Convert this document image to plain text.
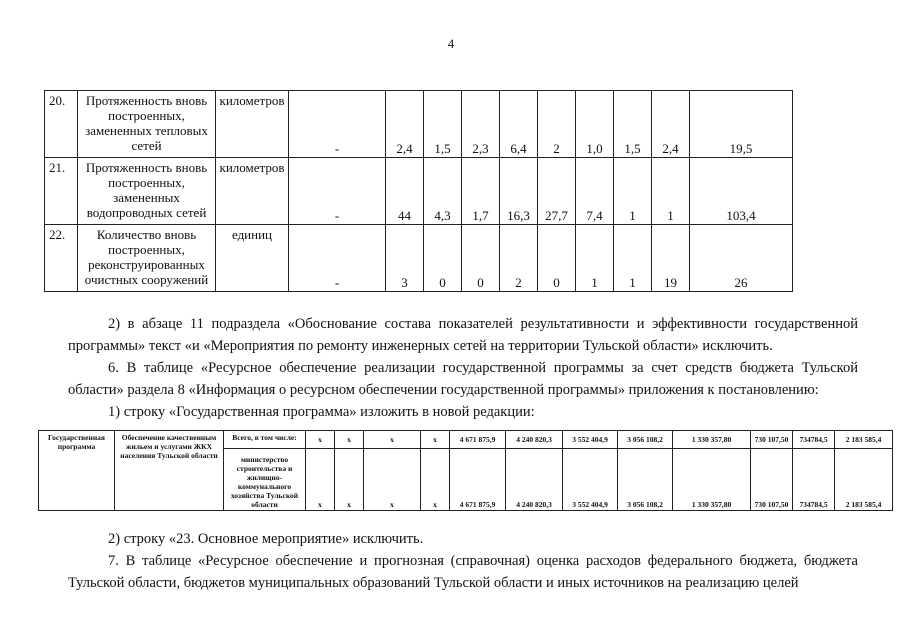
4
20.	Протяженность вновь построенных, замененных тепловых сетей	километров	-	2,4	1,5	2,3	6,4	2	1,0	1,5	2,4	19,5
21.	Протяженность вновь построенных, замененных водопроводных сетей	километров	-	44	4,3	1,7	16,3	27,7	7,4	1	1	103,4
22.	Количество вновь построенных, реконструированных очистных сооружений	единиц	-	3	0	0	2	0	1	1	19	26
2) в абзаце 11 подраздела «Обоснование состава показателей результативности и эффективности государственной программы» текст «и «Мероприятия по ремонту инженерных сетей на территории Тульской области» исключить.
6. В таблице «Ресурсное обеспечение реализации государственной программы за счет средств бюджета Тульской области» раздела 8 «Информация о ресурсном обеспечении государственной программы» приложения к постановлению:
1) строку «Государственная программа» изложить в новой редакции:
Государственная программа	Обеспечение качественным жильем и услугами ЖКХ населения Тульской области	Всего, в том числе:	x	x	x	x	4 671 875,9	4 240 820,3	3 552 404,9	3 056 108,2	1 330 357,80	730 107,50	734784,5	2 183 585,4
		министерство строительства и жилищно-коммунального хозяйства Тульской области	x	x	x	x	4 671 875,9	4 240 820,3	3 552 404,9	3 056 108,2	1 330 357,80	730 107,50	734784,5	2 183 585,4
2) строку «23. Основное мероприятие» исключить.
7. В таблице «Ресурсное обеспечение и прогнозная (справочная) оценка расходов федерального бюджета, бюджета Тульской области, бюджетов муниципальных образований Тульской области и иных источников на реализацию целей
